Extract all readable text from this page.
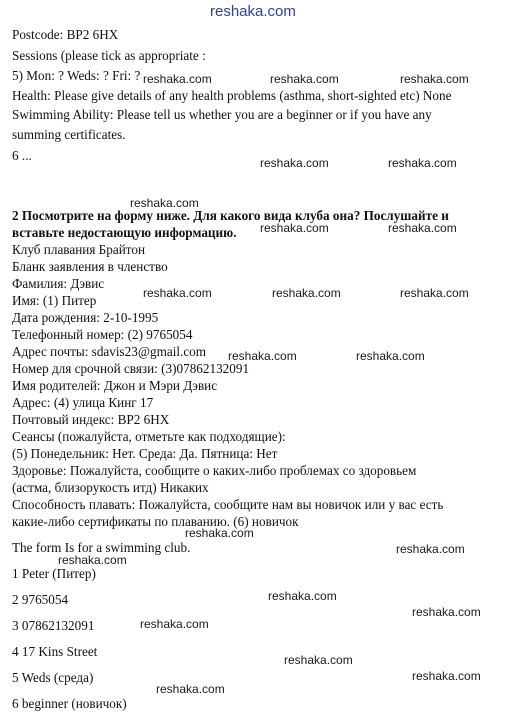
reshaka.com
Postcode: BP2 6HX
Sessions (please tick as appropriate :
5) Mon: ? Weds: ? Fri: ?
Health: Please give details of any health problems (asthma, short-sighted etc) None
Swimming Ability: Please tell us whether you are a beginner or if you have any
summing certificates.
6 ...
2 Посмотрите на форму ниже. Для какого вида клуба она? Послушайте и
вставьте недостающую информацию.
Клуб плавания Брайтон
Бланк заявления в членство
Фамилия: Дэвис
Имя: (1) Питер
Дата рождения: 2-10-1995
Телефонный номер: (2) 9765054
Адрес почты: sdavis23@gmail.com
Номер для срочной связи: (3)07862132091
Имя родителей: Джон и Мэри Дэвис
Адрес: (4) улица Кинг 17
Почтовый индекс: BP2 6HX
Сеансы (пожалуйста, отметьте как подходящие):
(5) Понедельник: Нет. Среда: Да. Пятница: Нет
Здоровье: Пожалуйста, сообщите о каких-либо проблемах со здоровьем
(астма, близорукость итд) Никаких
Способность плавать: Пожалуйста, сообщите нам вы новичок или у вас есть
какие-либо сертификаты по плаванию. (6) новичок
The form Is for a swimming club.
1 Peter (Питер)
2 9765054
3 07862132091
4 17 Kins Street
5 Weds (среда)
6 beginner (новичок)
reshaka.com	reshaka.com	reshaka.com
reshaka.com	reshaka.com
reshaka.com
reshaka.com	reshaka.com
reshaka.com	reshaka.com	reshaka.com
reshaka.com	reshaka.com
reshaka.com
reshaka.com
reshaka.com
reshaka.com
reshaka.com
reshaka.com
reshaka.com
reshaka.com
reshaka.com
